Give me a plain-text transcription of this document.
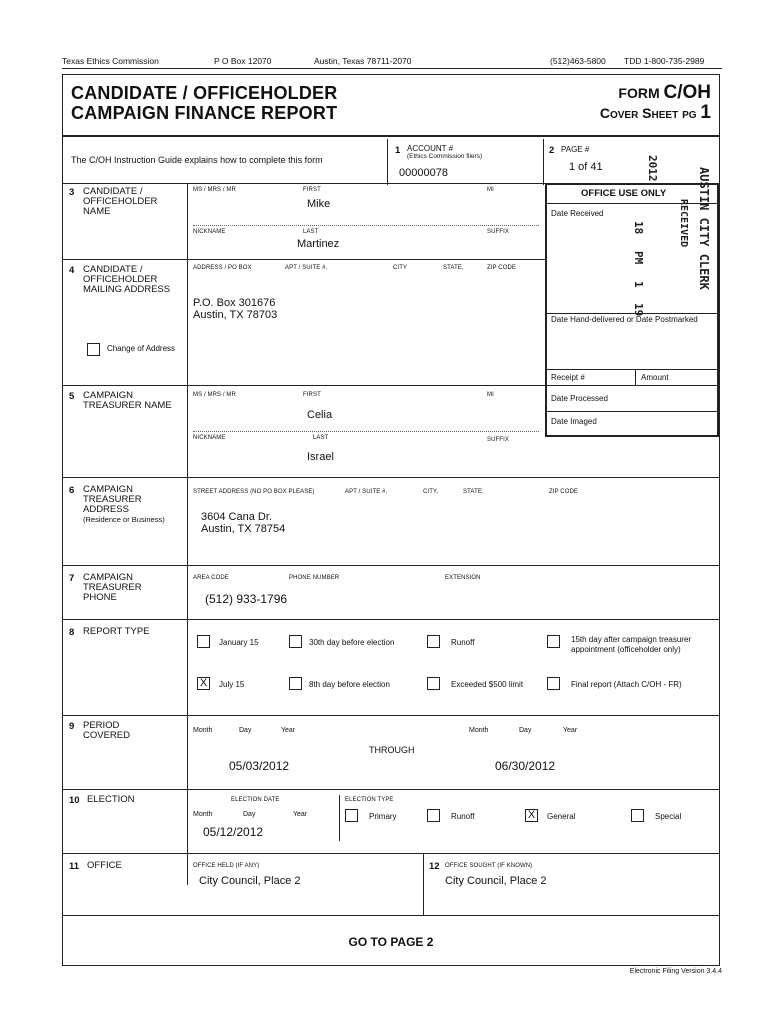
Texas Ethics Commission	P O Box 12070	Austin, Texas 78711-2070	(512)463-5800 TDD 1-800-735-2989
CANDIDATE / OFFICEHOLDER
CAMPAIGN FINANCE REPORT
FORM C/OH
Cover Sheet pg 1
The C/OH Instruction Guide explains how to complete this form
1 ACCOUNT #
(Ethics Commission filers)
00000078
2 PAGE #
1 of 41
OFFICE USE ONLY
Date Received
Date Hand-delivered or Date Postmarked
Receipt #	Amount
Date Processed
Date Imaged
AUSTIN CITY CLERK
RECEIVED
2012
18
PM
1
19
3 CANDIDATE / OFFICEHOLDER NAME
MS / MRS / MR	FIRST
Mike
MI
NICKNAME	LAST
Martinez
SUFFIX
4 CANDIDATE / OFFICEHOLDER MAILING ADDRESS
ADDRESS / PO BOX	APT / SUITE #,	CITY	STATE,	ZIP CODE
P.O. Box 301676
Austin, TX 78703
Change of Address
5 CAMPAIGN TREASURER NAME
MS / MRS / MR	FIRST
Celia
MI
NICKNAME	LAST
Israel
SUFFIX
6 CAMPAIGN TREASURER ADDRESS
(Residence or Business)
STREET ADDRESS (NO PO BOX PLEASE)	APT / SUITE #,	CITY,	STATE;	ZIP CODE
3604 Cana Dr.
Austin, TX 78754
7 CAMPAIGN TREASURER PHONE
AREA CODE	PHONE NUMBER	EXTENSION
(512) 933-1796
8 REPORT TYPE
January 15	30th day before election	Runoff	15th day after campaign treasurer
appointment (officeholder only)
X	July 15	8th day before election	Exceeded $500 limit	Final report (Attach C/OH - FR)
9 PERIOD COVERED	Month	Day	Year
05/03/2012
THROUGH
Month	Day	Year
06/30/2012
10 ELECTION	ELECTION DATE	ELECTION TYPE
Month	Day	Year
05/12/2012
Primary	Runoff	X	General	Special
11 OFFICE	OFFICE HELD (IF ANY)
City Council, Place 2
12 OFFICE SOUGHT (IF KNOWN)
City Council, Place 2
GO TO PAGE 2
Electronic Filing Version 3.4.4
